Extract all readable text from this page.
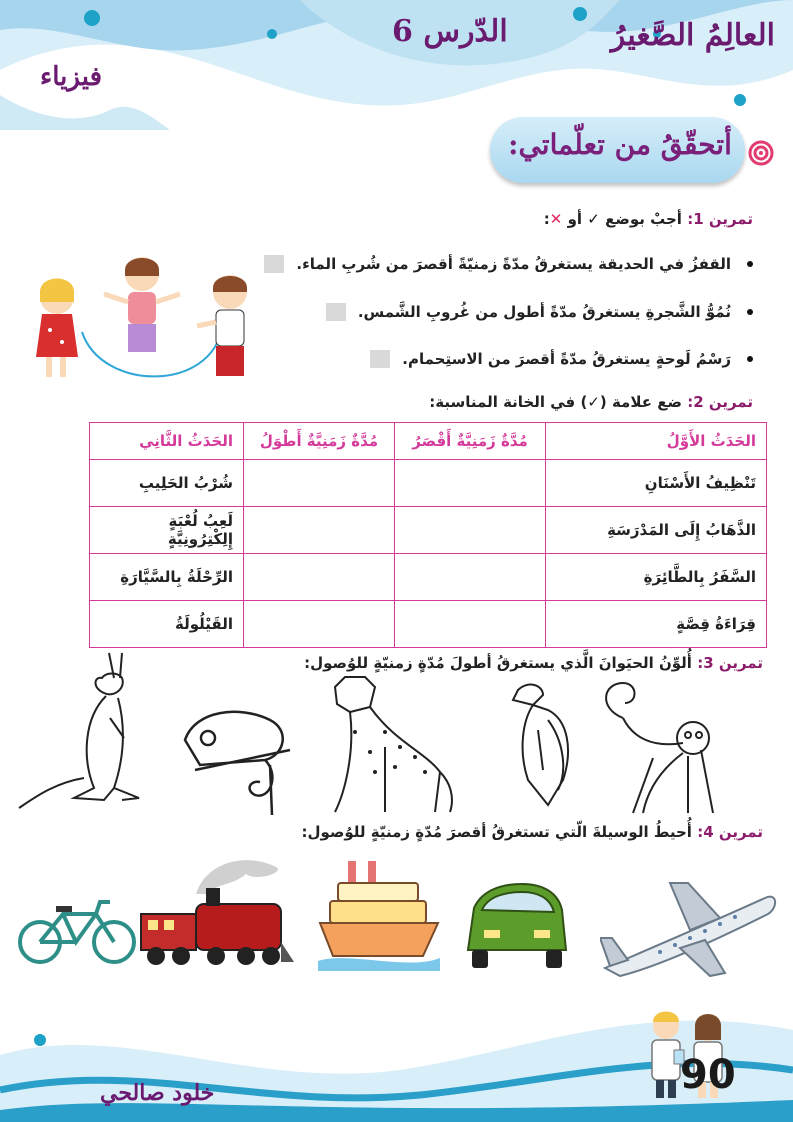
العالِمُ الصَّغيرُ
الدّرس 6
فيزياء
أتحقّقُ من تعلّماتي:
تمرين 1: أجبْ بوضع ✓ أو ✕:
القفزُ في الحديقة يستغرقُ مدّةً زمنيّةً أقصرَ من شُربِ الماء.
نُمُوُّ الشَّجرةِ يستغرقُ مدّةً أطول من غُروبِ الشَّمس.
رَسْمُ لَوحةٍ يستغرقُ مدّةً أقصرَ من الاستِحمام.
تمرين 2: ضع علامة (✓) في الخانة المناسبة:
الحَدَثُ الأَوَّلُ	مُدَّةٌ زَمَنِيَّةٌ أَقْصَرُ	مُدَّةٌ زَمَنِيَّةٌ أَطْوَلُ	الحَدَثُ الثَّانِي
تَنْظِيفُ الأَسْنَانِ			شُرْبُ الحَلِيبِ
الذَّهَابُ إِلَى المَدْرَسَةِ			لَعِبُ لُعْبَةٍ إِلِكْتِرُونِيَّةٍ
السَّفَرُ بِالطَّائِرَةِ			الرِّحْلَةُ بِالسَّيَّارَةِ
قِرَاءَةُ قِصَّةٍ			القَيْلُولَةُ
تمرين 3: أُلوِّنُ الحيَوانَ الَّذي يستغرقُ أطولَ مُدّةٍ زمنيّةٍ للوُصول:
تمرين 4: أُحيطُ الوسيلةَ الّتي تستغرقُ أقصرَ مُدّةٍ زمنيّةٍ للوُصول:
90
خلود صالحي
